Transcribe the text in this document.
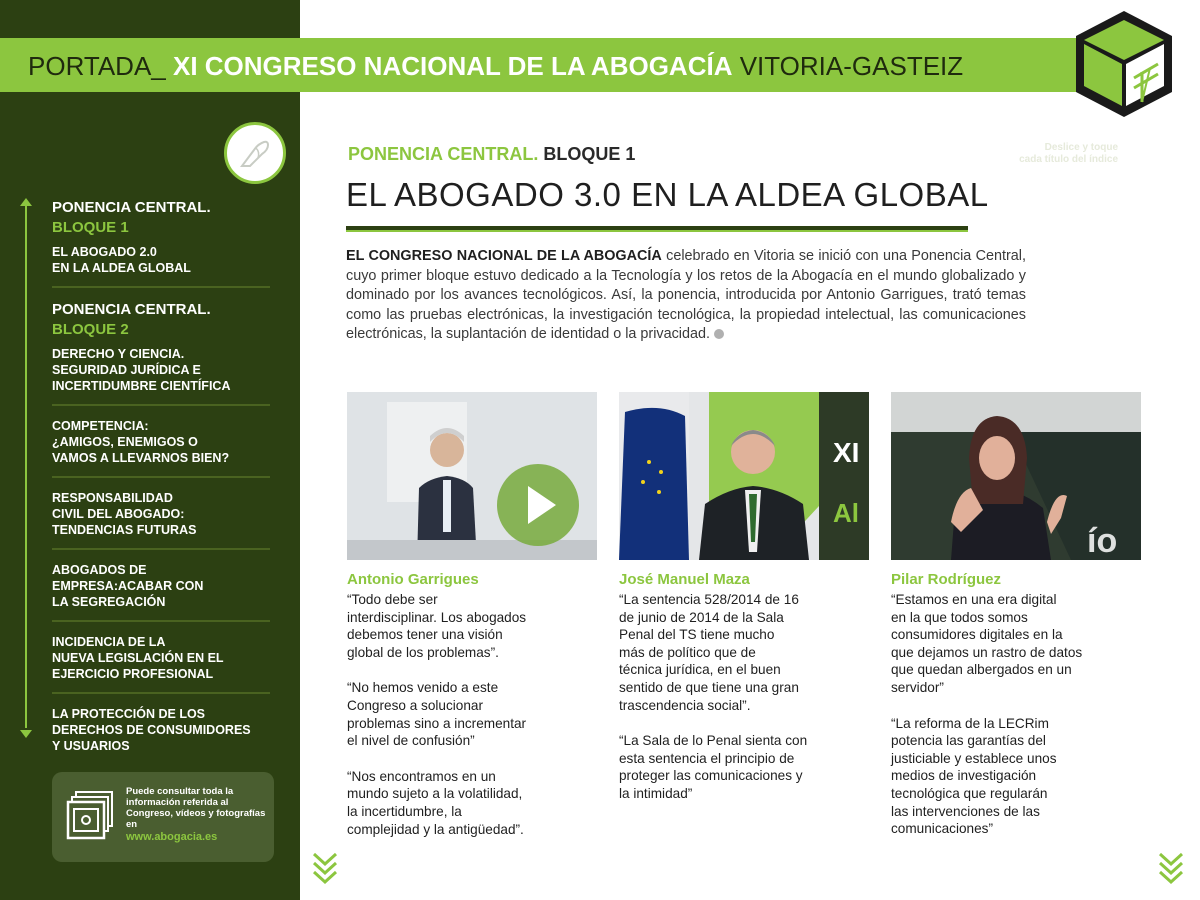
Deslice y toque
cada título del índice
PONENCIA CENTRAL.
BLOQUE 1
EL ABOGADO 2.0
EN LA ALDEA GLOBAL
PONENCIA CENTRAL.
BLOQUE 2
DERECHO Y CIENCIA.
SEGURIDAD JURÍDICA E
INCERTIDUMBRE CIENTÍFICA
COMPETENCIA:
¿AMIGOS, ENEMIGOS O
VAMOS A LLEVARNOS BIEN?
RESPONSABILIDAD
CIVIL DEL ABOGADO:
TENDENCIAS FUTURAS
ABOGADOS DE
EMPRESA:ACABAR CON
LA SEGREGACIÓN
INCIDENCIA DE LA
NUEVA LEGISLACIÓN EN EL
EJERCICIO PROFESIONAL
LA PROTECCIÓN DE LOS
DERECHOS DE CONSUMIDORES
Y USUARIOS
Puede consultar toda la información referida al Congreso, vídeos y fotografías en
www.abogacia.es
PORTADA_ XI CONGRESO NACIONAL DE LA ABOGACÍA VITORIA-GASTEIZ
PONENCIA CENTRAL. BLOQUE 1
EL ABOGADO 3.0 EN LA ALDEA GLOBAL
EL CONGRESO NACIONAL DE LA ABOGACÍA celebrado en Vitoria se inició con una Ponencia Central, cuyo primer bloque estuvo dedicado a la Tecnología y los retos de la Abogacía en el mundo globalizado y dominado por los avances tecnológicos. Así, la ponencia, introducida por Antonio Garrigues, trató temas como las pruebas electrónicas, la investigación tecnológica, la propiedad intelectual, las comunicaciones electrónicas, la suplantación de identidad o la privacidad.
XI
Al
ío
Antonio Garrigues

“Todo debe ser
interdisciplinar. Los abogados
debemos tener una visión
global de los problemas”.

“No hemos venido a este
Congreso a solucionar
problemas sino a incrementar
el nivel de confusión”

“Nos encontramos en un
mundo sujeto a la volatilidad,
la incertidumbre, la
complejidad y la antigüedad”.

José Manuel Maza

“La sentencia 528/2014 de 16
de junio de 2014 de la Sala
Penal del TS tiene mucho
más de político que de
técnica jurídica, en el buen
sentido de que tiene una gran
trascendencia social”.

“La Sala de lo Penal sienta con
esta sentencia el principio de
proteger las comunicaciones y
la intimidad”

Pilar Rodríguez

“Estamos en una era digital
en la que todos somos
consumidores digitales en la
que dejamos un rastro de datos
que quedan albergados en un
servidor”

“La reforma de la LECRim
potencia las garantías del
justiciable y establece unos
medios de investigación
tecnológica que regularán
las intervenciones de las
comunicaciones”
